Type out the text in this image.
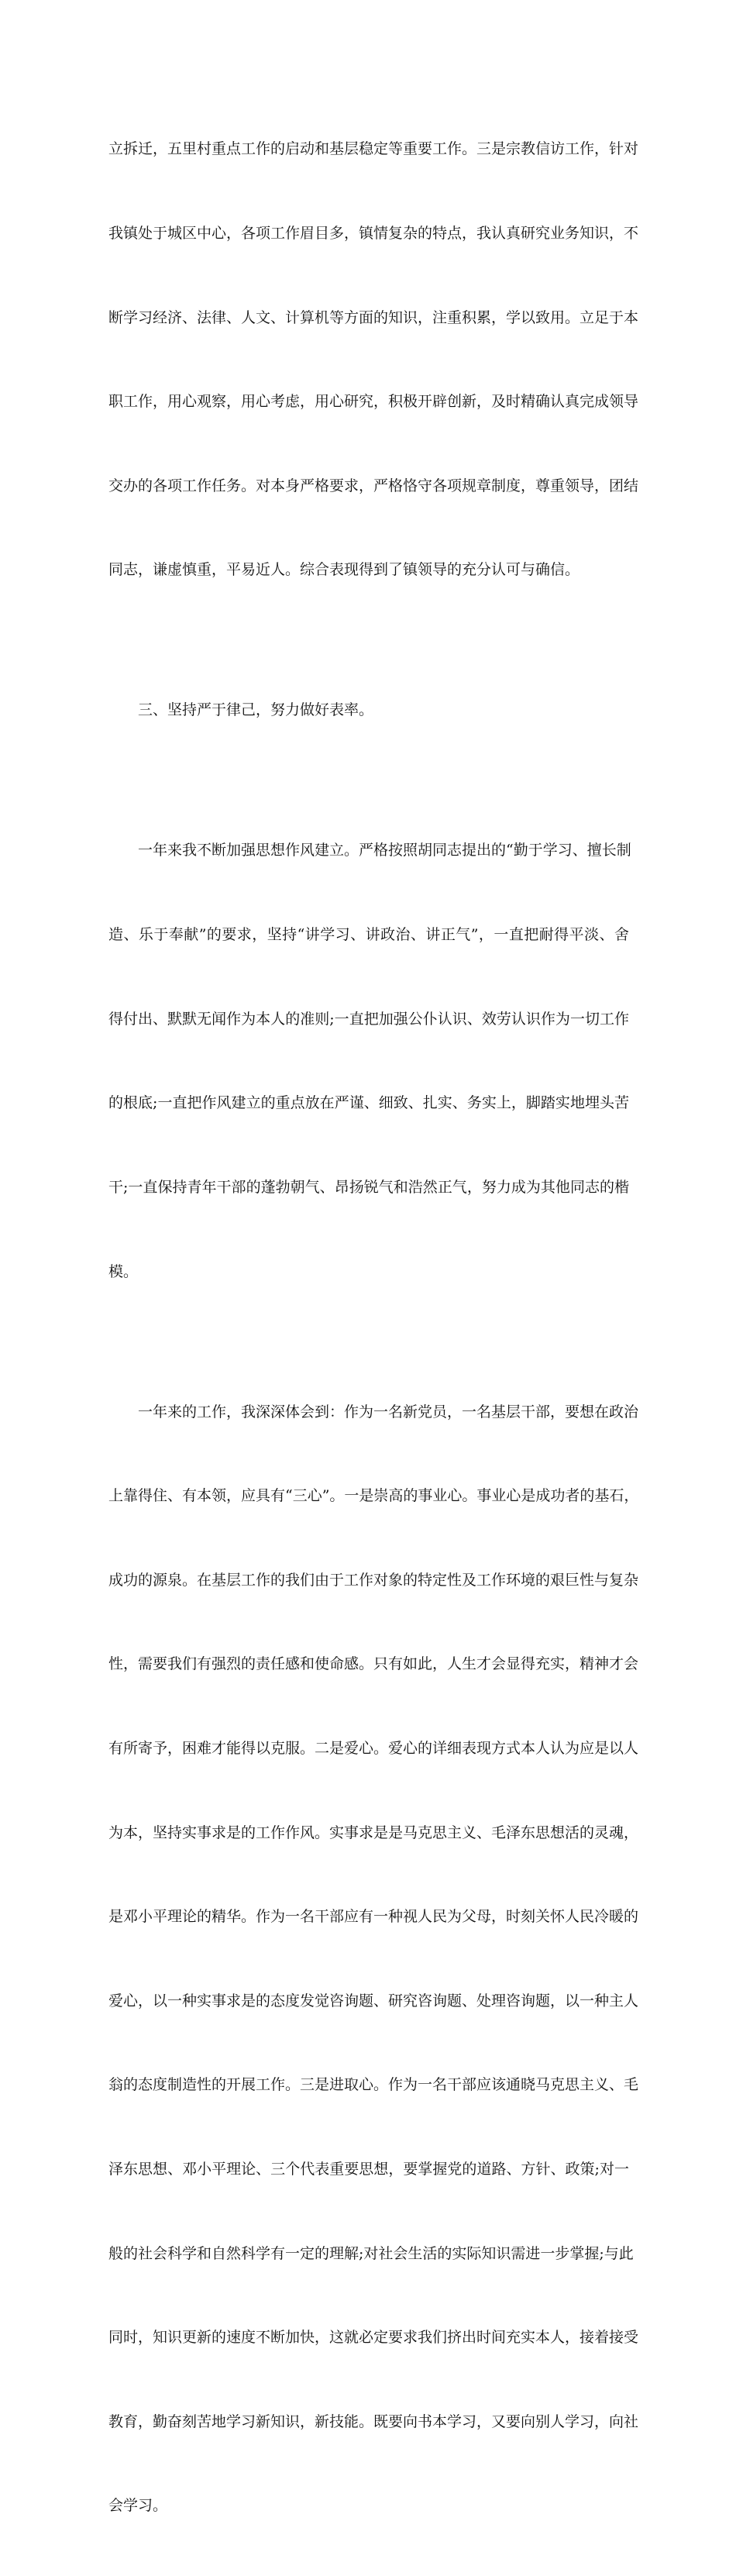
立拆迁，五里村重点工作的启动和基层稳定等重要工作。三是宗教信访工作，针对

我镇处于城区中心，各项工作眉目多，镇情复杂的特点，我认真研究业务知识，不

断学习经济、法律、人文、计算机等方面的知识，注重积累，学以致用。立足于本

职工作，用心观察，用心考虑，用心研究，积极开辟创新，及时精确认真完成领导

交办的各项工作任务。对本身严格要求，严格恪守各项规章制度，尊重领导，团结

同志，谦虚慎重，平易近人。综合表现得到了镇领导的充分认可与确信。

　　三、坚持严于律己，努力做好表率。

　　一年来我不断加强思想作风建立。严格按照胡同志提出的“勤于学习、擅长制

造、乐于奉献”的要求，坚持“讲学习、讲政治、讲正气”，一直把耐得平淡、舍

得付出、默默无闻作为本人的准则;一直把加强公仆认识、效劳认识作为一切工作

的根底;一直把作风建立的重点放在严谨、细致、扎实、务实上，脚踏实地埋头苦

干;一直保持青年干部的蓬勃朝气、昂扬锐气和浩然正气，努力成为其他同志的楷

模。

　　一年来的工作，我深深体会到：作为一名新党员，一名基层干部，要想在政治

上靠得住、有本领，应具有“三心”。一是崇高的事业心。事业心是成功者的基石，

成功的源泉。在基层工作的我们由于工作对象的特定性及工作环境的艰巨性与复杂

性，需要我们有强烈的责任感和使命感。只有如此，人生才会显得充实，精神才会

有所寄予，困难才能得以克服。二是爱心。爱心的详细表现方式本人认为应是以人

为本，坚持实事求是的工作作风。实事求是是马克思主义、毛泽东思想活的灵魂，

是邓小平理论的精华。作为一名干部应有一种视人民为父母，时刻关怀人民冷暖的

爱心，以一种实事求是的态度发觉咨询题、研究咨询题、处理咨询题，以一种主人

翁的态度制造性的开展工作。三是进取心。作为一名干部应该通晓马克思主义、毛

泽东思想、邓小平理论、三个代表重要思想，要掌握党的道路、方针、政策;对一

般的社会科学和自然科学有一定的理解;对社会生活的实际知识需进一步掌握;与此

同时，知识更新的速度不断加快，这就必定要求我们挤出时间充实本人，接着接受

教育，勤奋刻苦地学习新知识，新技能。既要向书本学习，又要向别人学习，向社

会学习。
